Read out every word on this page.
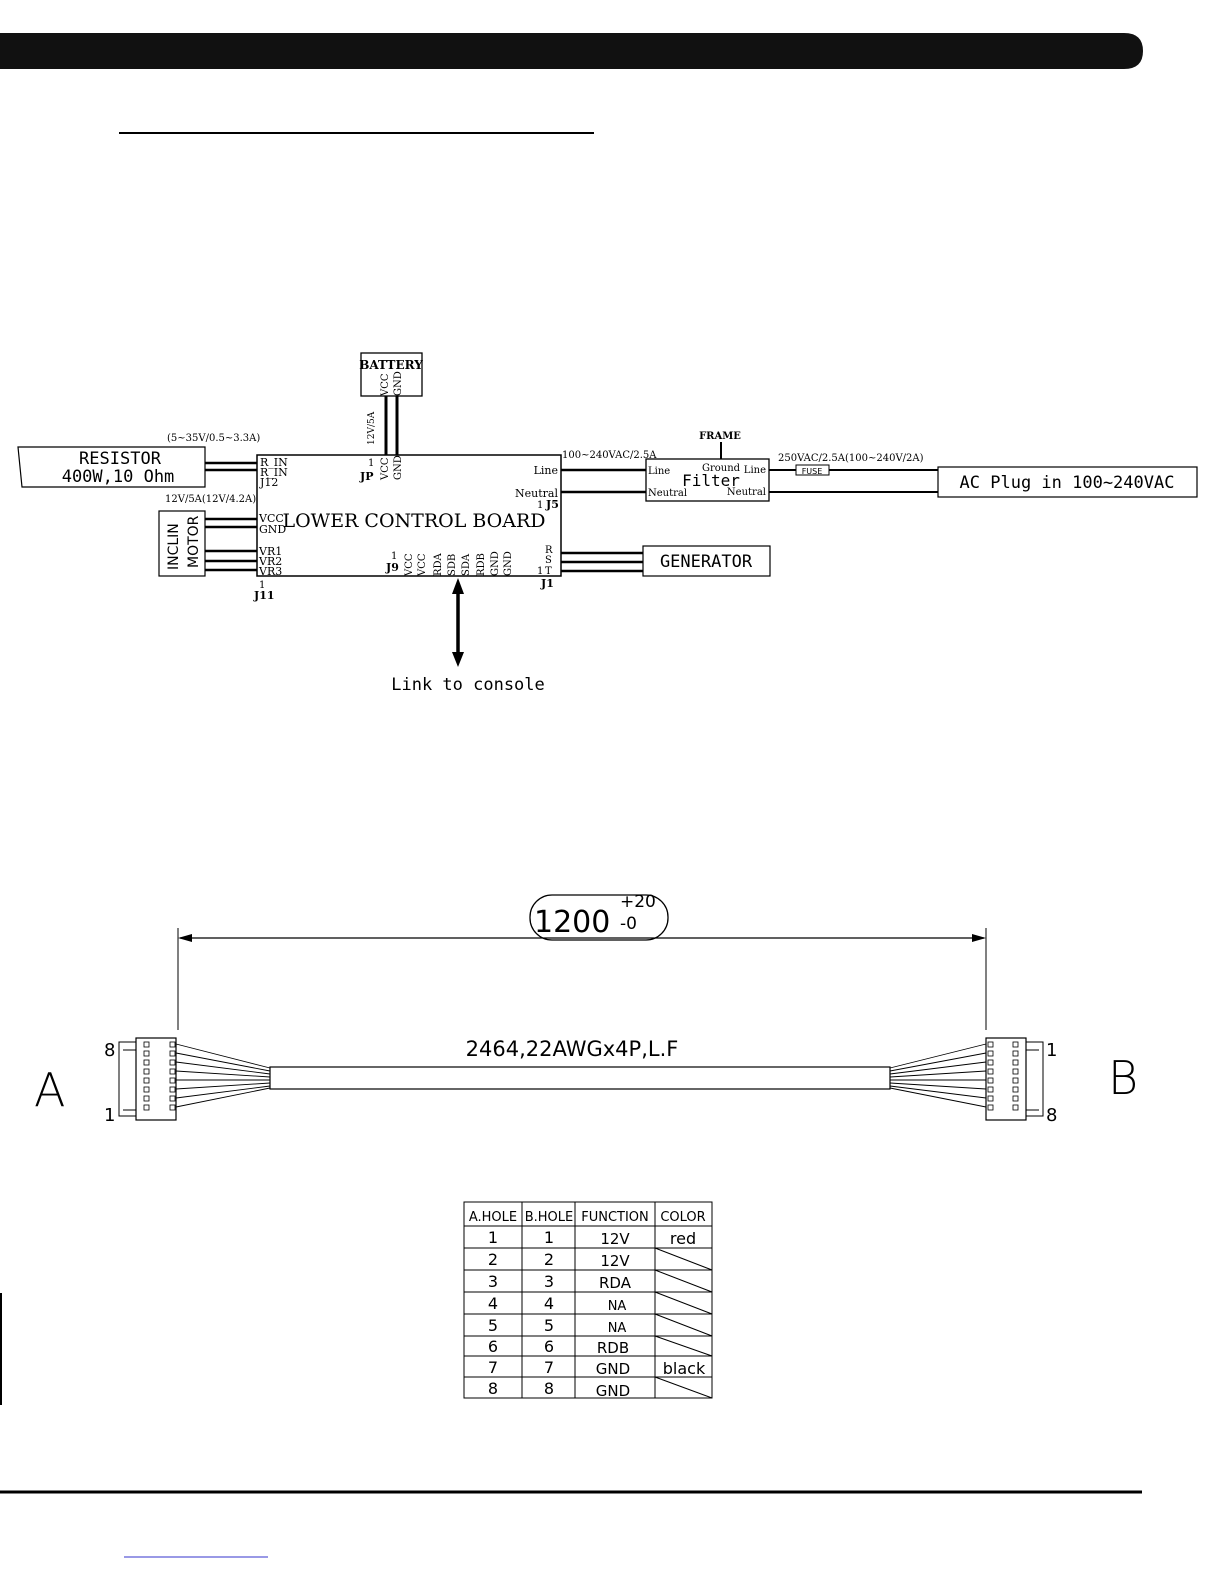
BATTERY
VCC GND
12V/5A
LOWER CONTROL BOARD
1
JP VCC GND
RESISTOR
400W,10 Ohm
(5~35V/0.5~3.3A)
R_IN
R_IN
J12
INCLIN MOTOR
12V/5A(12V/4.2A)
VCC
GND
VR1
VR2
VR3
1
J11
1
J9 VCC VCC RDA SDB SDA RDB GND GND
Link to console
100~240VAC/2.5A
Line
Neutral
1 J5
Filter
Line
Neutral
Ground Line
Neutral
FRAME
250VAC/2.5A(100~240V/2A)
FUSE
AC Plug in 100~240VAC
R
S
T
1
J1
GENERATOR
1200
+20
-0
2464,22AWGx4P,L.F
8
1
A
1
8
B
A.HOLE B.HOLE FUNCTION COLOR
1	1	12V	red
2	2	12V
3	3	RDA
4	4	NA
5	5	NA
6	6	RDB
7	7	GND black
8	8	GND
